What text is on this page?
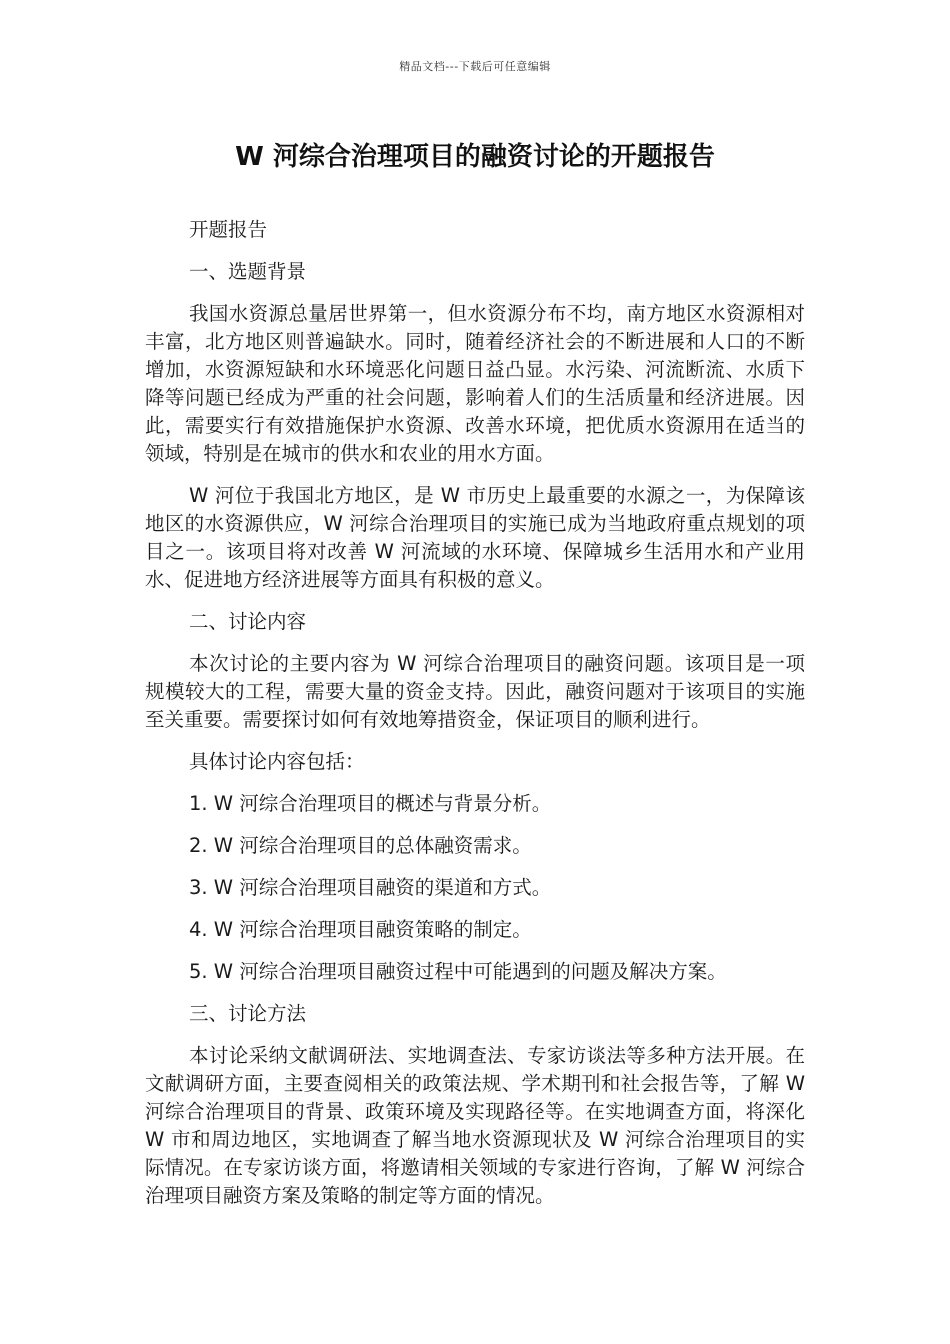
精品文档---下载后可任意编辑
W 河综合治理项目的融资讨论的开题报告

开题报告

一、选题背景

我国水资源总量居世界第一，但水资源分布不均，南方地区水资源相对丰富，北方地区则普遍缺水。同时，随着经济社会的不断进展和人口的不断增加，水资源短缺和水环境恶化问题日益凸显。水污染、河流断流、水质下降等问题已经成为严重的社会问题，影响着人们的生活质量和经济进展。因此，需要实行有效措施保护水资源、改善水环境，把优质水资源用在适当的领域，特别是在城市的供水和农业的用水方面。

W 河位于我国北方地区，是 W 市历史上最重要的水源之一，为保障该地区的水资源供应，W 河综合治理项目的实施已成为当地政府重点规划的项目之一。该项目将对改善 W 河流域的水环境、保障城乡生活用水和产业用水、促进地方经济进展等方面具有积极的意义。

二、讨论内容

本次讨论的主要内容为 W 河综合治理项目的融资问题。该项目是一项规模较大的工程，需要大量的资金支持。因此，融资问题对于该项目的实施至关重要。需要探讨如何有效地筹措资金，保证项目的顺利进行。

具体讨论内容包括：

1. W 河综合治理项目的概述与背景分析。
2. W 河综合治理项目的总体融资需求。
3. W 河综合治理项目融资的渠道和方式。
4. W 河综合治理项目融资策略的制定。
5. W 河综合治理项目融资过程中可能遇到的问题及解决方案。

三、讨论方法

本讨论采纳文献调研法、实地调查法、专家访谈法等多种方法开展。在文献调研方面，主要查阅相关的政策法规、学术期刊和社会报告等，了解 W 河综合治理项目的背景、政策环境及实现路径等。在实地调查方面，将深化 W 市和周边地区，实地调查了解当地水资源现状及 W 河综合治理项目的实际情况。在专家访谈方面，将邀请相关领域的专家进行咨询，了解 W 河综合治理项目融资方案及策略的制定等方面的情况。
